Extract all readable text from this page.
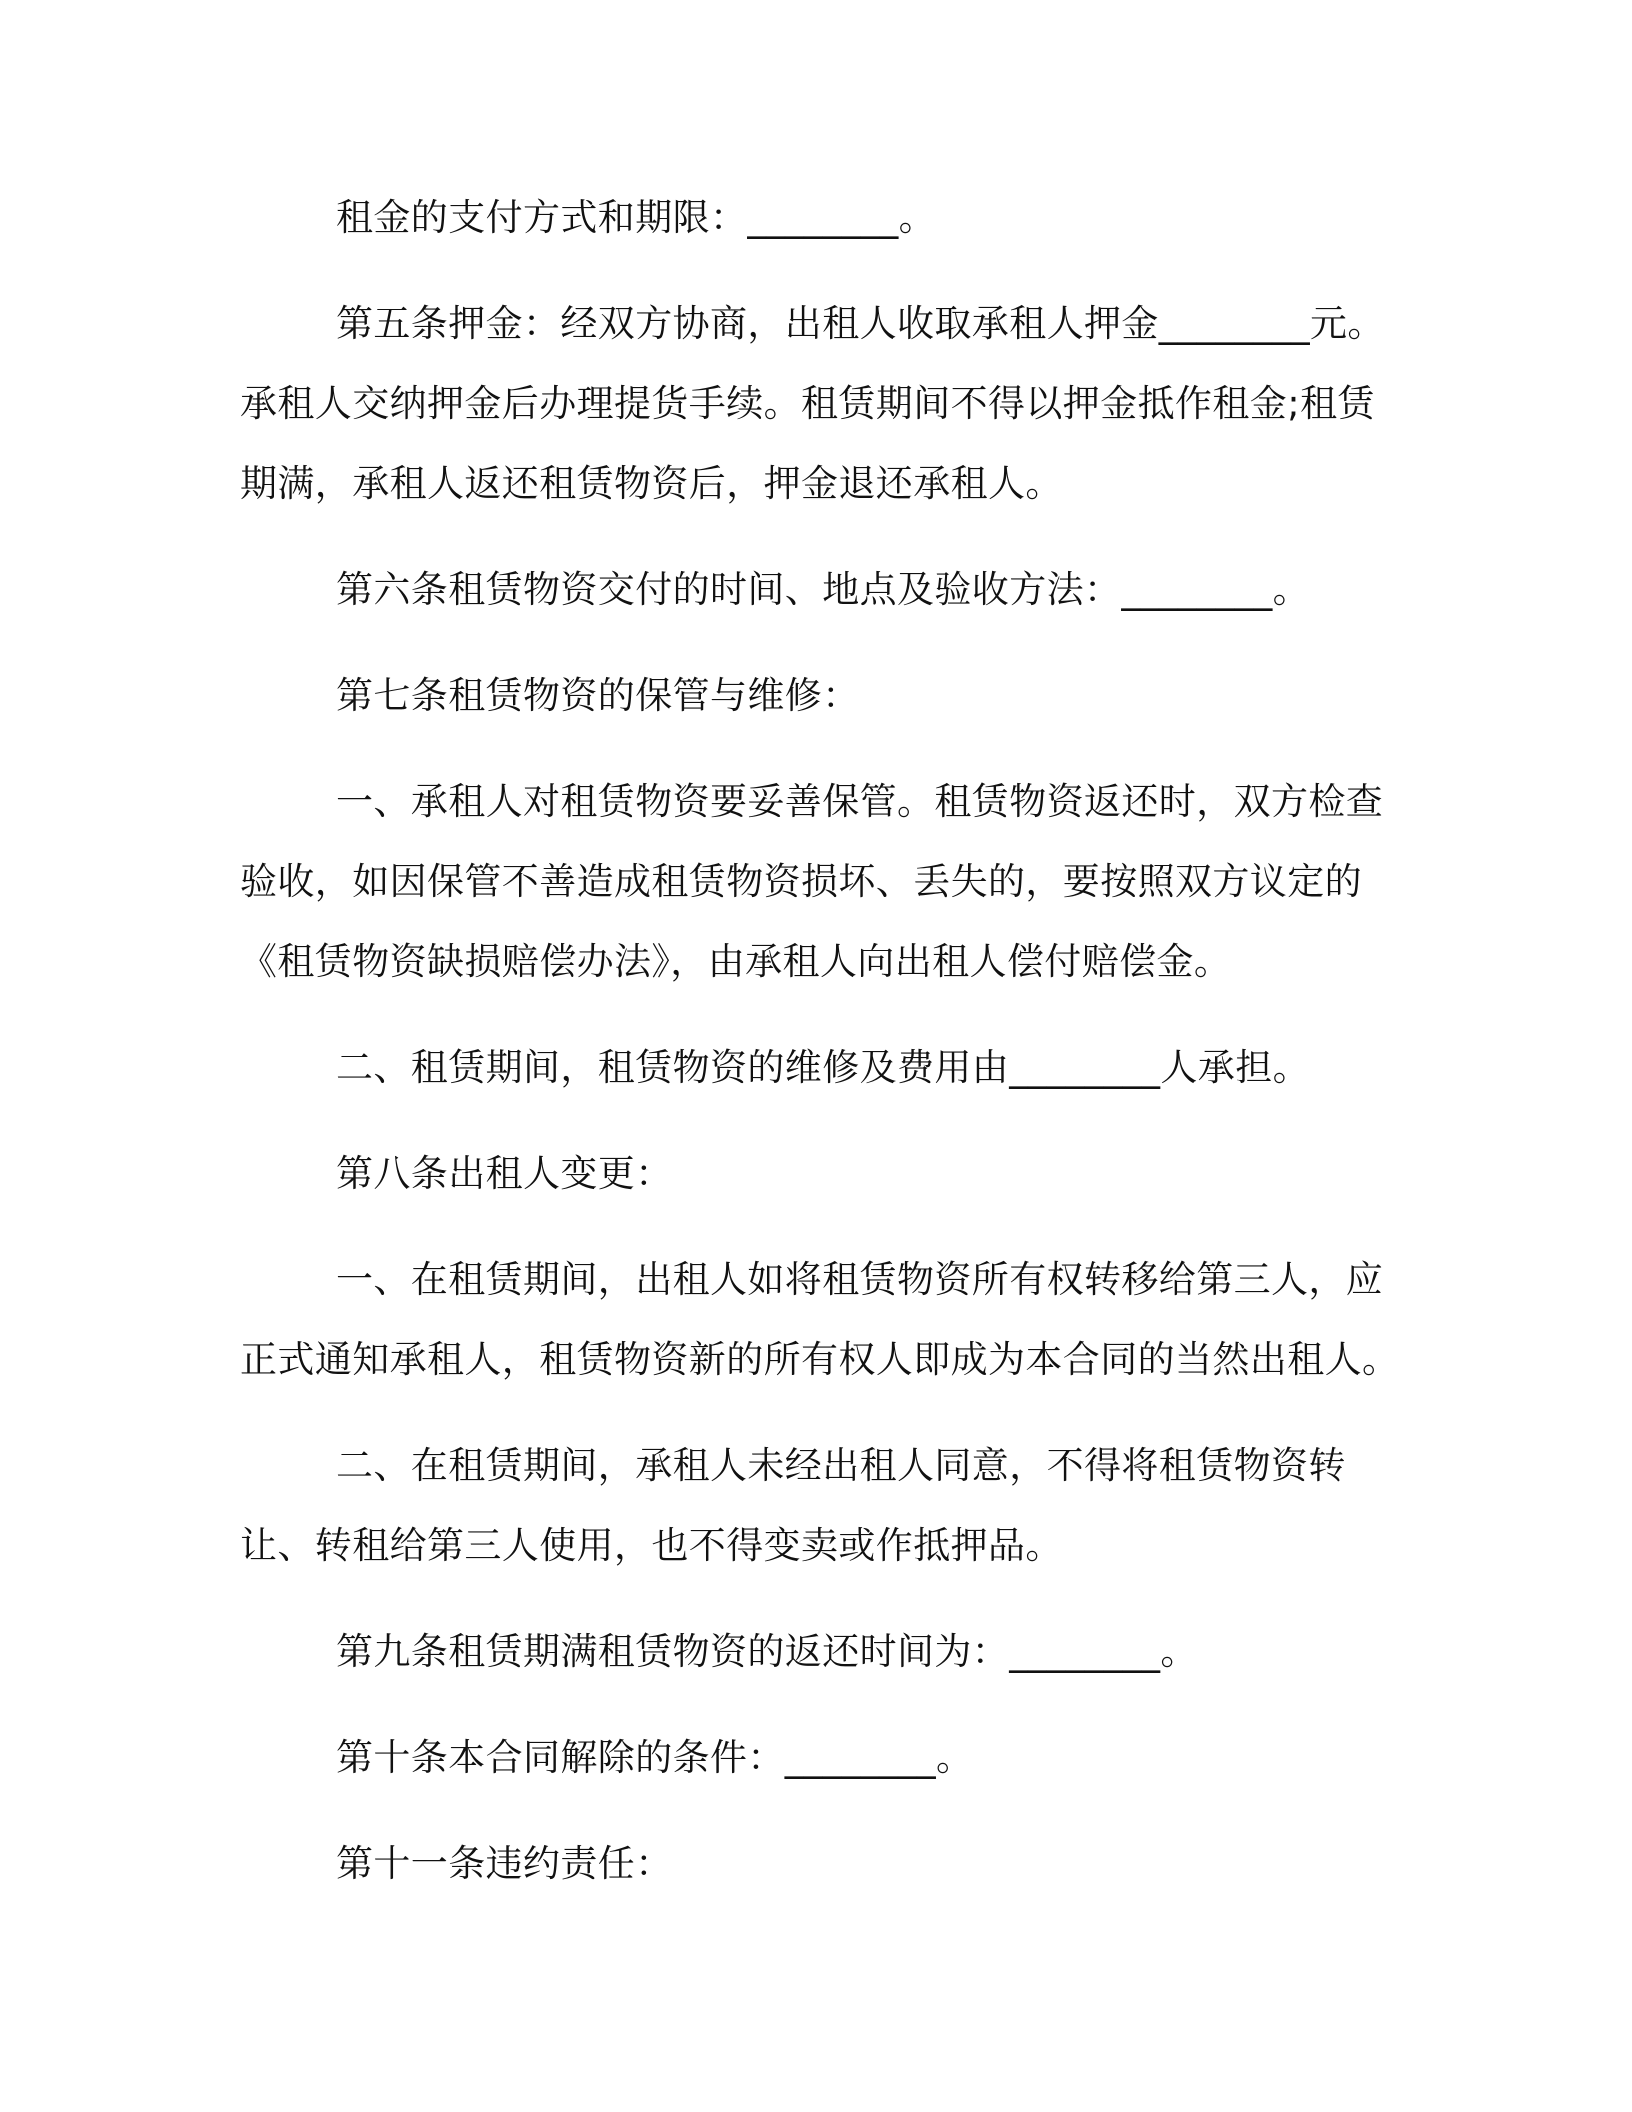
租金的支付方式和期限：________。

第五条押金：经双方协商，出租人收取承租人押金________元。承租人交纳押金后办理提货手续。租赁期间不得以押金抵作租金;租赁期满，承租人返还租赁物资后，押金退还承租人。

第六条租赁物资交付的时间、地点及验收方法：________。

第七条租赁物资的保管与维修：

一、承租人对租赁物资要妥善保管。租赁物资返还时，双方检查验收，如因保管不善造成租赁物资损坏、丢失的，要按照双方议定的《租赁物资缺损赔偿办法》，由承租人向出租人偿付赔偿金。

二、租赁期间，租赁物资的维修及费用由________人承担。

第八条出租人变更：

一、在租赁期间，出租人如将租赁物资所有权转移给第三人，应正式通知承租人，租赁物资新的所有权人即成为本合同的当然出租人。

二、在租赁期间，承租人未经出租人同意，不得将租赁物资转让、转租给第三人使用，也不得变卖或作抵押品。

第九条租赁期满租赁物资的返还时间为：________。

第十条本合同解除的条件：________。

第十一条违约责任：
